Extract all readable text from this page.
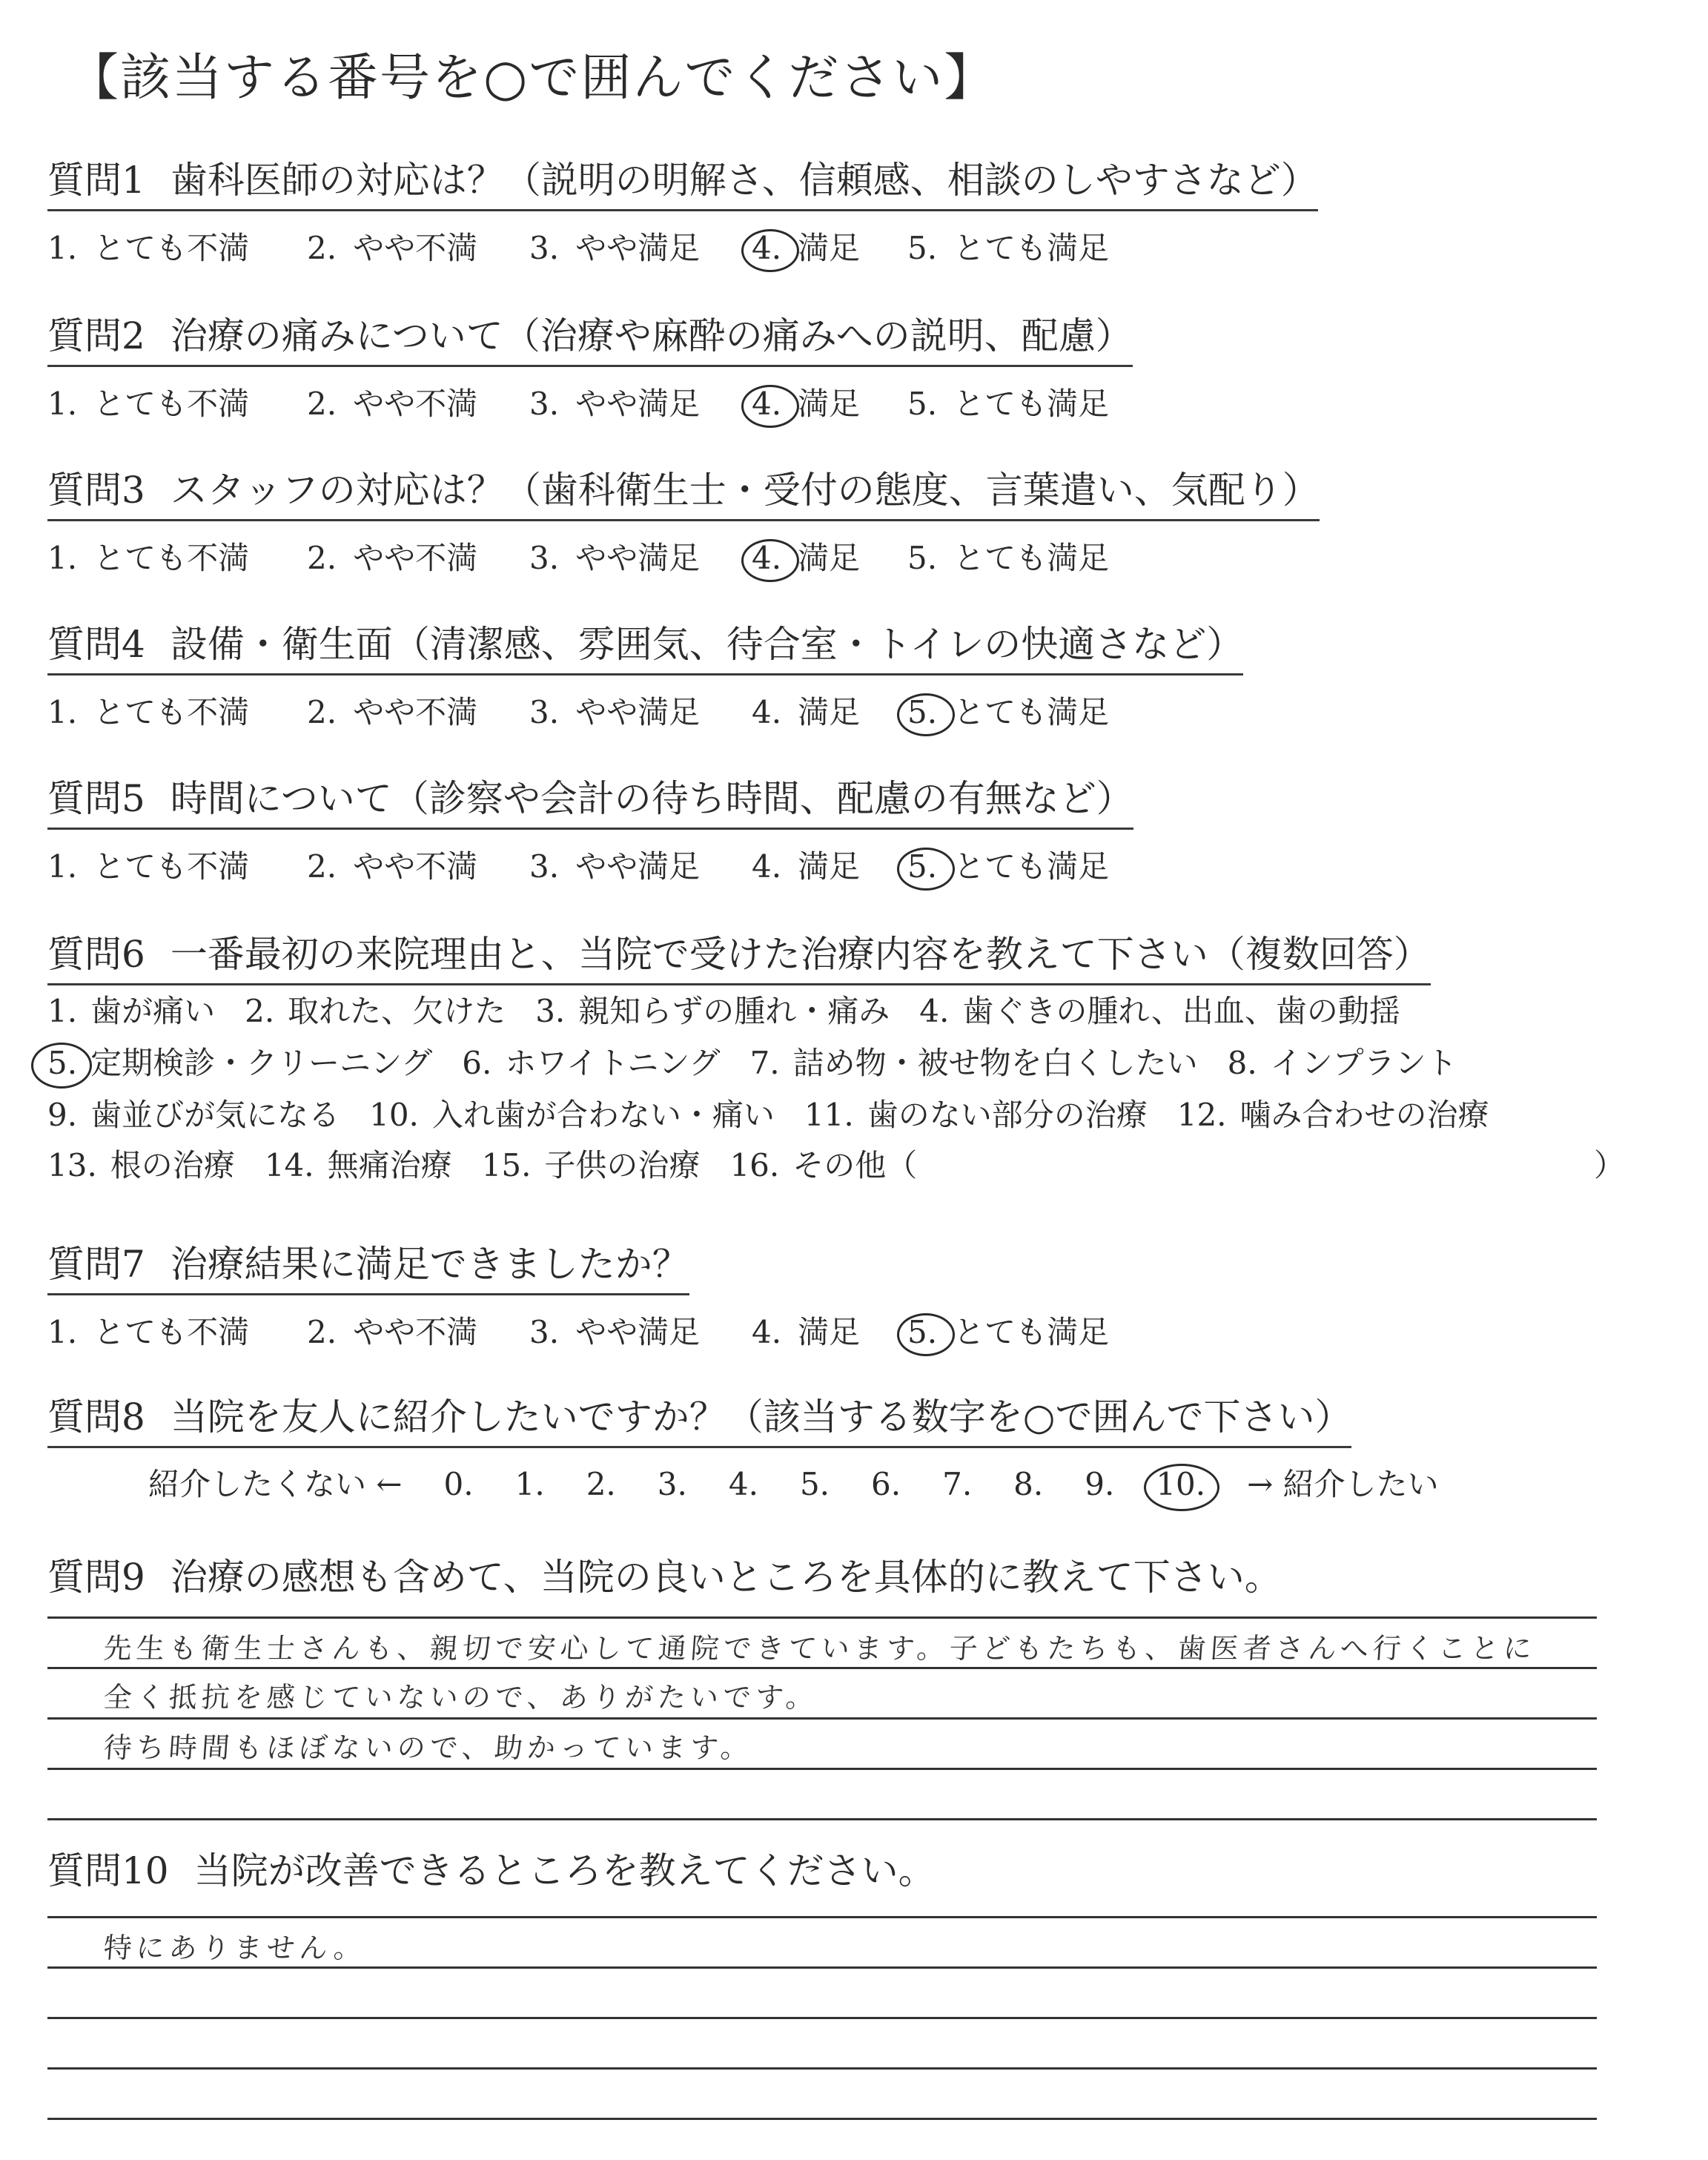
【該当する番号を○で囲んでください】
質問1 歯科医師の対応は？（説明の明解さ、信頼感、相談のしやすさなど）
1. とても不満 2. やや不満 3. やや満足 4. 満足 5. とても満足
質問2 治療の痛みについて（治療や麻酔の痛みへの説明、配慮）
1. とても不満 2. やや不満 3. やや満足 4. 満足 5. とても満足
質問3 スタッフの対応は？（歯科衛生士・受付の態度、言葉遣い、気配り）
1. とても不満 2. やや不満 3. やや満足 4. 満足 5. とても満足
質問4 設備・衛生面（清潔感、雰囲気、待合室・トイレの快適さなど）
1. とても不満 2. やや不満 3. やや満足 4. 満足 5. とても満足
質問5 時間について（診察や会計の待ち時間、配慮の有無など）
1. とても不満 2. やや不満 3. やや満足 4. 満足 5. とても満足
質問6 一番最初の来院理由と、当院で受けた治療内容を教えて下さい（複数回答）
1. 歯が痛い 2. 取れた、欠けた 3. 親知らずの腫れ・痛み 4. 歯ぐきの腫れ、出血、歯の動揺
5. 定期検診・クリーニング 6. ホワイトニング 7. 詰め物・被せ物を白くしたい 8. インプラント
9. 歯並びが気になる 10. 入れ歯が合わない・痛い 11. 歯のない部分の治療 12. 噛み合わせの治療
13. 根の治療 14. 無痛治療 15. 子供の治療 16. その他（	）
質問7 治療結果に満足できましたか？
1. とても不満 2. やや不満 3. やや満足 4. 満足 5. とても満足
質問8 当院を友人に紹介したいですか？（該当する数字を○で囲んで下さい）
紹介したくない ← 0. 1. 2. 3. 4. 5. 6. 7. 8. 9. 10. → 紹介したい
質問9 治療の感想も含めて、当院の良いところを具体的に教えて下さい。
先生も衛生士さんも、親切で安心して通院できています。子どもたちも、歯医者さんへ行くことに
全く抵抗を感じていないので、ありがたいです。
待ち時間もほぼないので、助かっています。
質問10 当院が改善できるところを教えてください。
特にありません。
